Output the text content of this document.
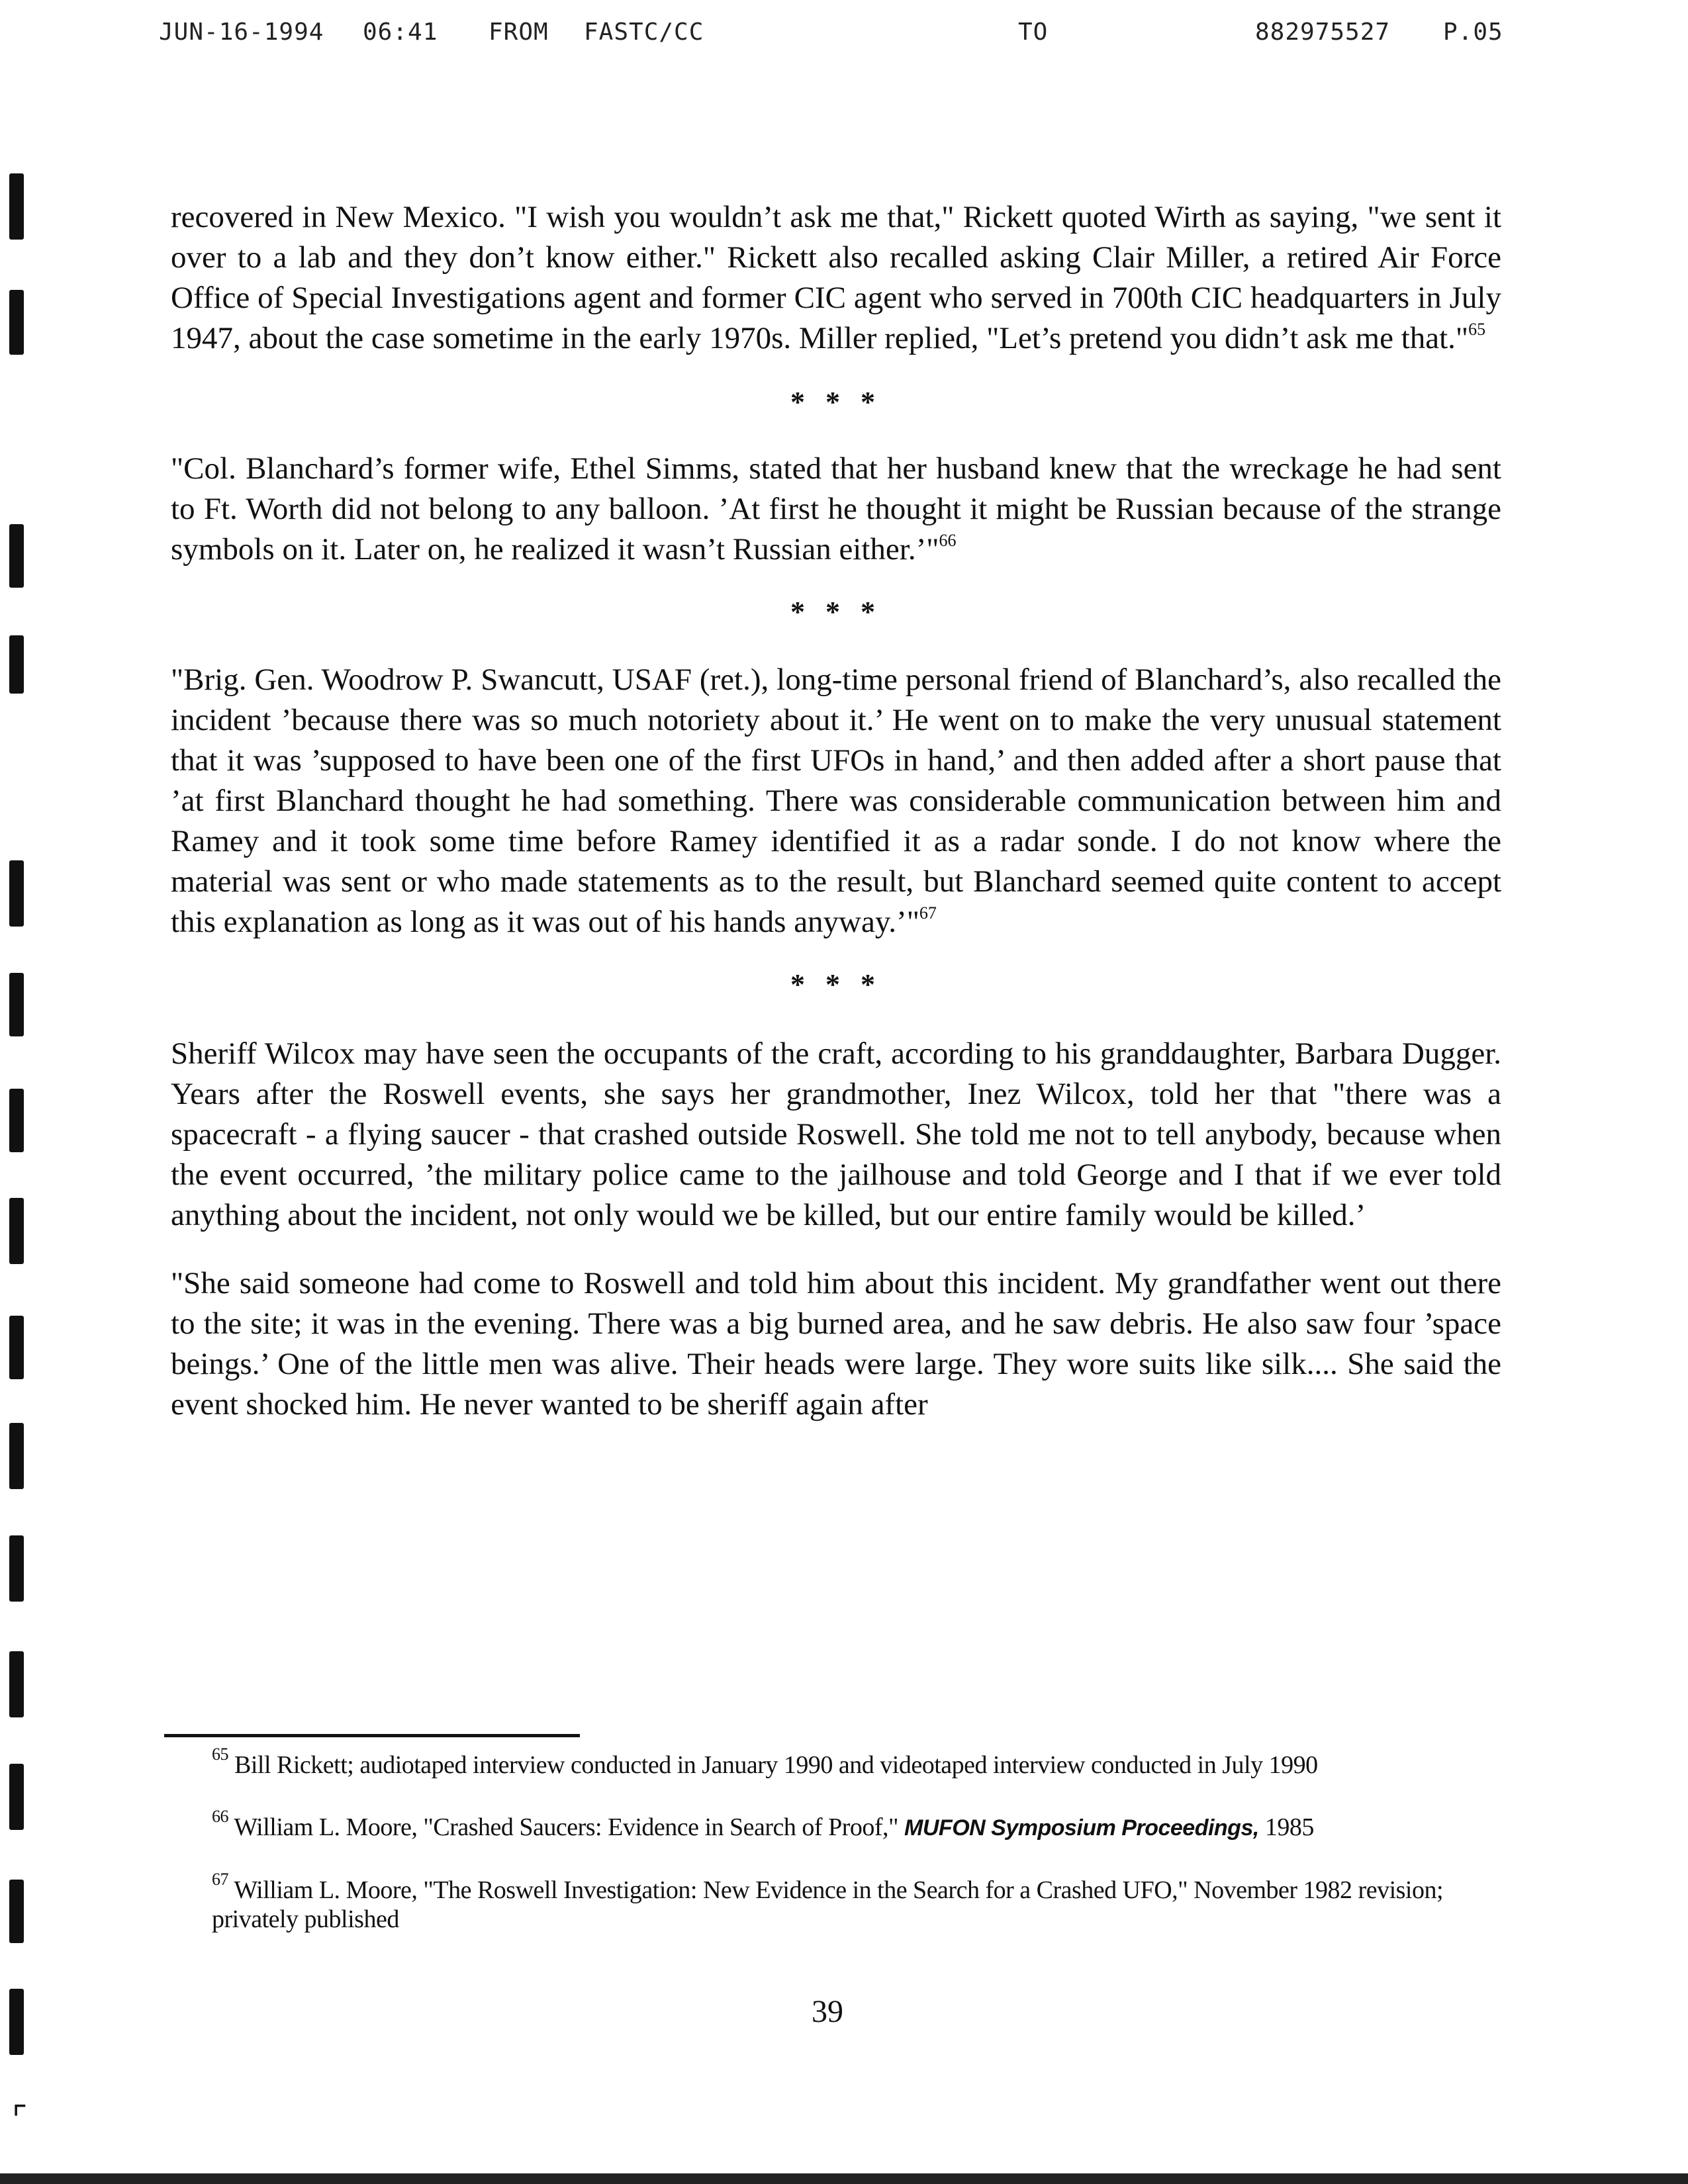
JUN-16-1994 06:41 FROM FASTC/CC	TO	882975527 P.05

recovered in New Mexico. "I wish you wouldn’t ask me that," Rickett quoted Wirth as saying, "we sent it over to a lab and they don’t know either." Rickett also recalled asking Clair Miller, a retired Air Force Office of Special Investigations agent and former CIC agent who served in 700th CIC headquarters in July 1947, about the case sometime in the early 1970s. Miller replied, "Let’s pretend you didn’t ask me that."$^{65}$

* * *

"Col. Blanchard’s former wife, Ethel Simms, stated that her husband knew that the wreckage he had sent to Ft. Worth did not belong to any balloon. ’At first he thought it might be Russian because of the strange symbols on it. Later on, he realized it wasn’t Russian either.’"$^{66}$

* * *

"Brig. Gen. Woodrow P. Swancutt, USAF (ret.), long-time personal friend of Blanchard’s, also recalled the incident ’because there was so much notoriety about it.’ He went on to make the very unusual statement that it was ’supposed to have been one of the first UFOs in hand,’ and then added after a short pause that ’at first Blanchard thought he had something. There was considerable communication between him and Ramey and it took some time before Ramey identified it as a radar sonde. I do not know where the material was sent or who made statements as to the result, but Blanchard seemed quite content to accept this explanation as long as it was out of his hands anyway.’"$^{67}$

* * *

Sheriff Wilcox may have seen the occupants of the craft, according to his granddaughter, Barbara Dugger. Years after the Roswell events, she says her grandmother, Inez Wilcox, told her that "there was a spacecraft - a flying saucer - that crashed outside Roswell. She told me not to tell anybody, because when the event occurred, ’the military police came to the jailhouse and told George and I that if we ever told anything about the incident, not only would we be killed, but our entire family would be killed.’

"She said someone had come to Roswell and told him about this incident. My grandfather went out there to the site; it was in the evening. There was a big burned area, and he saw debris. He also saw four ’space beings.’ One of the little men was alive. Their heads were large. They wore suits like silk.... She said the event shocked him. He never wanted to be sheriff again after

$^{65}$ Bill Rickett; audiotaped interview conducted in January 1990 and videotaped interview conducted in July 1990

$^{66}$ William L. Moore, "Crashed Saucers: Evidence in Search of Proof," MUFON Symposium Proceedings, 1985

$^{67}$ William L. Moore, "The Roswell Investigation: New Evidence in the Search for a Crashed UFO," November 1982 revision; privately published

39
⌜
